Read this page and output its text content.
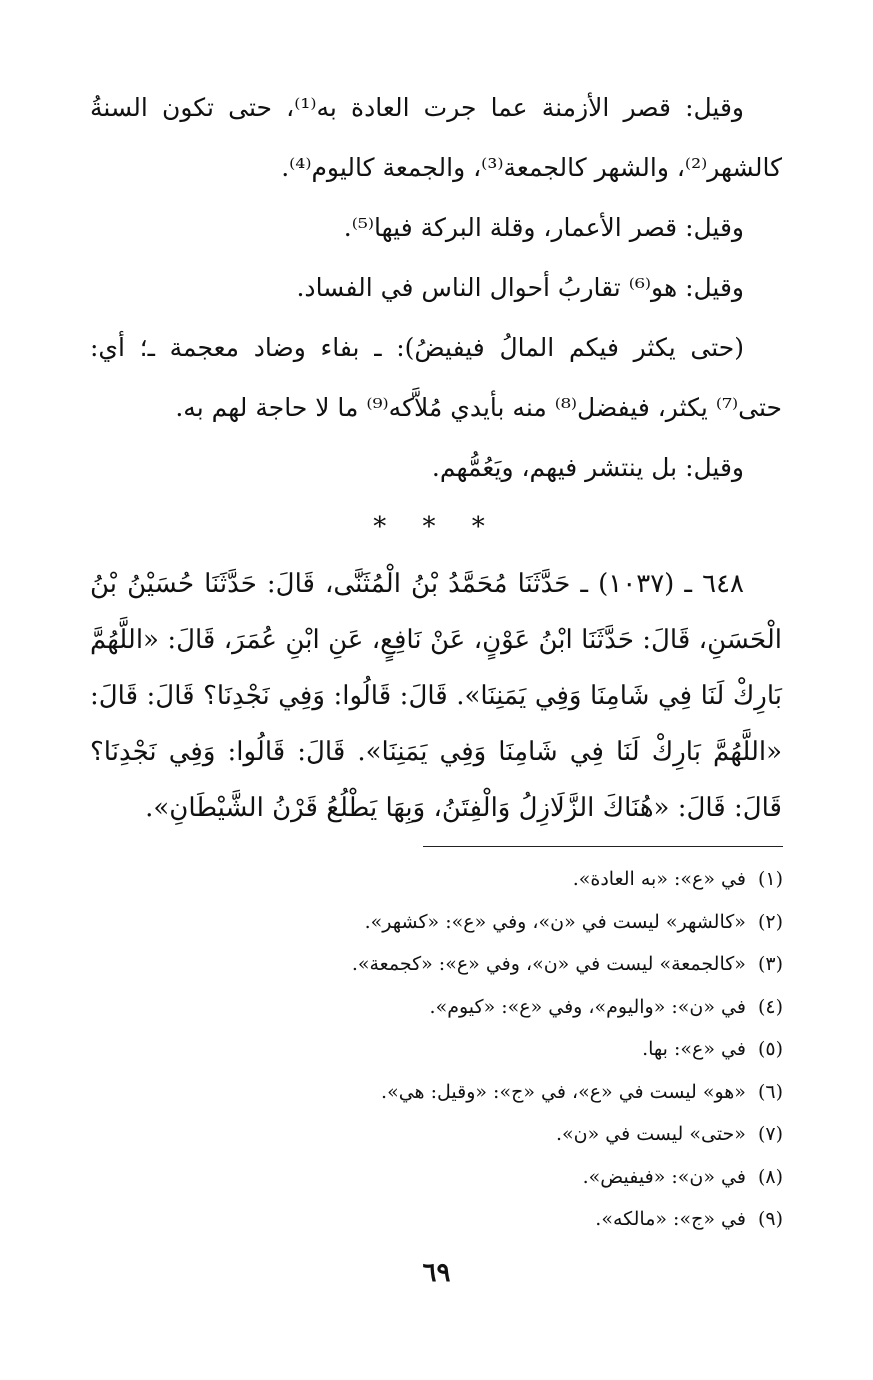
وقيل: قصر الأزمنة عما جرت العادة به⁽¹⁾، حتى تكون السنةُ كالشهر⁽²⁾، والشهر كالجمعة⁽³⁾، والجمعة كاليوم⁽⁴⁾.

وقيل: قصر الأعمار، وقلة البركة فيها⁽⁵⁾.

وقيل: هو⁽⁶⁾ تقاربُ أحوال الناس في الفساد.

(حتى يكثر فيكم المالُ فيفيضُ): ـ بفاء وضاد معجمة ـ؛ أي: حتى⁽⁷⁾ يكثر، فيفضل⁽⁸⁾ منه بأيدي مُلاَّكه⁽⁹⁾ ما لا حاجة لهم به.

وقيل: بل ينتشر فيهم، ويَعُمُّهم.

* * *

٦٤٨ ـ (١٠٣٧) ـ حَدَّثَنَا مُحَمَّدُ بْنُ الْمُثَنَّى، قَالَ: حَدَّثَنَا حُسَيْنُ بْنُ الْحَسَنِ، قَالَ: حَدَّثَنَا ابْنُ عَوْنٍ، عَنْ نَافِعٍ، عَنِ ابْنِ عُمَرَ، قَالَ: «اللَّهُمَّ بَارِكْ لَنَا فِي شَامِنَا وَفِي يَمَنِنَا». قَالَ: قَالُوا: وَفِي نَجْدِنَا؟ قَالَ: قَالَ: «اللَّهُمَّ بَارِكْ لَنَا فِي شَامِنَا وَفِي يَمَنِنَا». قَالَ: قَالُوا: وَفِي نَجْدِنَا؟ قَالَ: قَالَ: «هُنَاكَ الزَّلَازِلُ وَالْفِتَنُ، وَبِهَا يَطْلُعُ قَرْنُ الشَّيْطَانِ».

(١)في «ع»: «به العادة».
(٢)«كالشهر» ليست في «ن»، وفي «ع»: «كشهر».
(٣)«كالجمعة» ليست في «ن»، وفي «ع»: «كجمعة».
(٤)في «ن»: «واليوم»، وفي «ع»: «كيوم».
(٥)في «ع»: بها.
(٦)«هو» ليست في «ع»، في «ج»: «وقيل: هي».
(٧)«حتى» ليست في «ن».
(٨)في «ن»: «فيفيض».
(٩)في «ج»: «مالكه».
٦٩
